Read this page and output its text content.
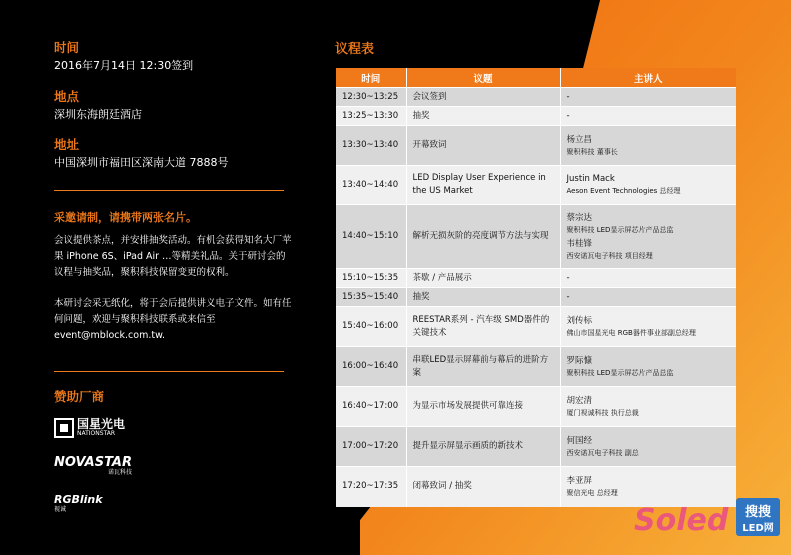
时间
2016年7月14日 12:30签到
地点
深圳东海朗廷酒店
地址
中国深圳市福田区深南大道 7888号
采邀请制，请携带两张名片。
会议提供茶点，并安排抽奖活动。有机会获得知名大厂苹果 iPhone 6S、iPad Air …等精美礼品。关于研讨会的议程与抽奖品，聚积科技保留变更的权利。
本研讨会采无纸化，将于会后提供讲义电子文件。如有任何问题，欢迎与聚积科技联系或来信至 event@mblock.com.tw.
赞助厂商
国星光电
NATIONSTAR
NOVASTAR
诺瓦科技
RGBlink
视诚
议程表
时间	议题	主讲人
12:30~13:25	会议签到	-

13:25~13:30	抽奖	-

13:30~13:40	开幕致词	杨立昌
聚积科技 董事长

13:40~14:40	LED Display User Experience in the US Market	Justin Mack
Aeson Event Technologies 总经理

14:40~15:10	解析无损灰阶的亮度调节方法与实现	蔡宗达
聚积科技 LED显示屏芯片产品总监
韦桂锋
西安诺瓦电子科技 项目经理

15:10~15:35	茶歇 / 产品展示	-

15:35~15:40	抽奖	-

15:40~16:00	REESTAR系列 - 汽车级 SMD器件的关键技术	刘传标
佛山市国星光电 RGB器件事业部副总经理

16:00~16:40	串联LED显示屏幕前与幕后的进阶方案	罗际慷
聚积科技 LED显示屏芯片产品总监

16:40~17:00	为显示市场发展提供可靠连接	胡宏清
厦门视诚科技 执行总裁

17:00~17:20	提升显示屏显示画质的新技术	何国经
西安诺瓦电子科技 副总

17:20~17:35	闭幕致词 / 抽奖	李亚屏
聚信光电 总经理
Soled 搜搜
LED网
